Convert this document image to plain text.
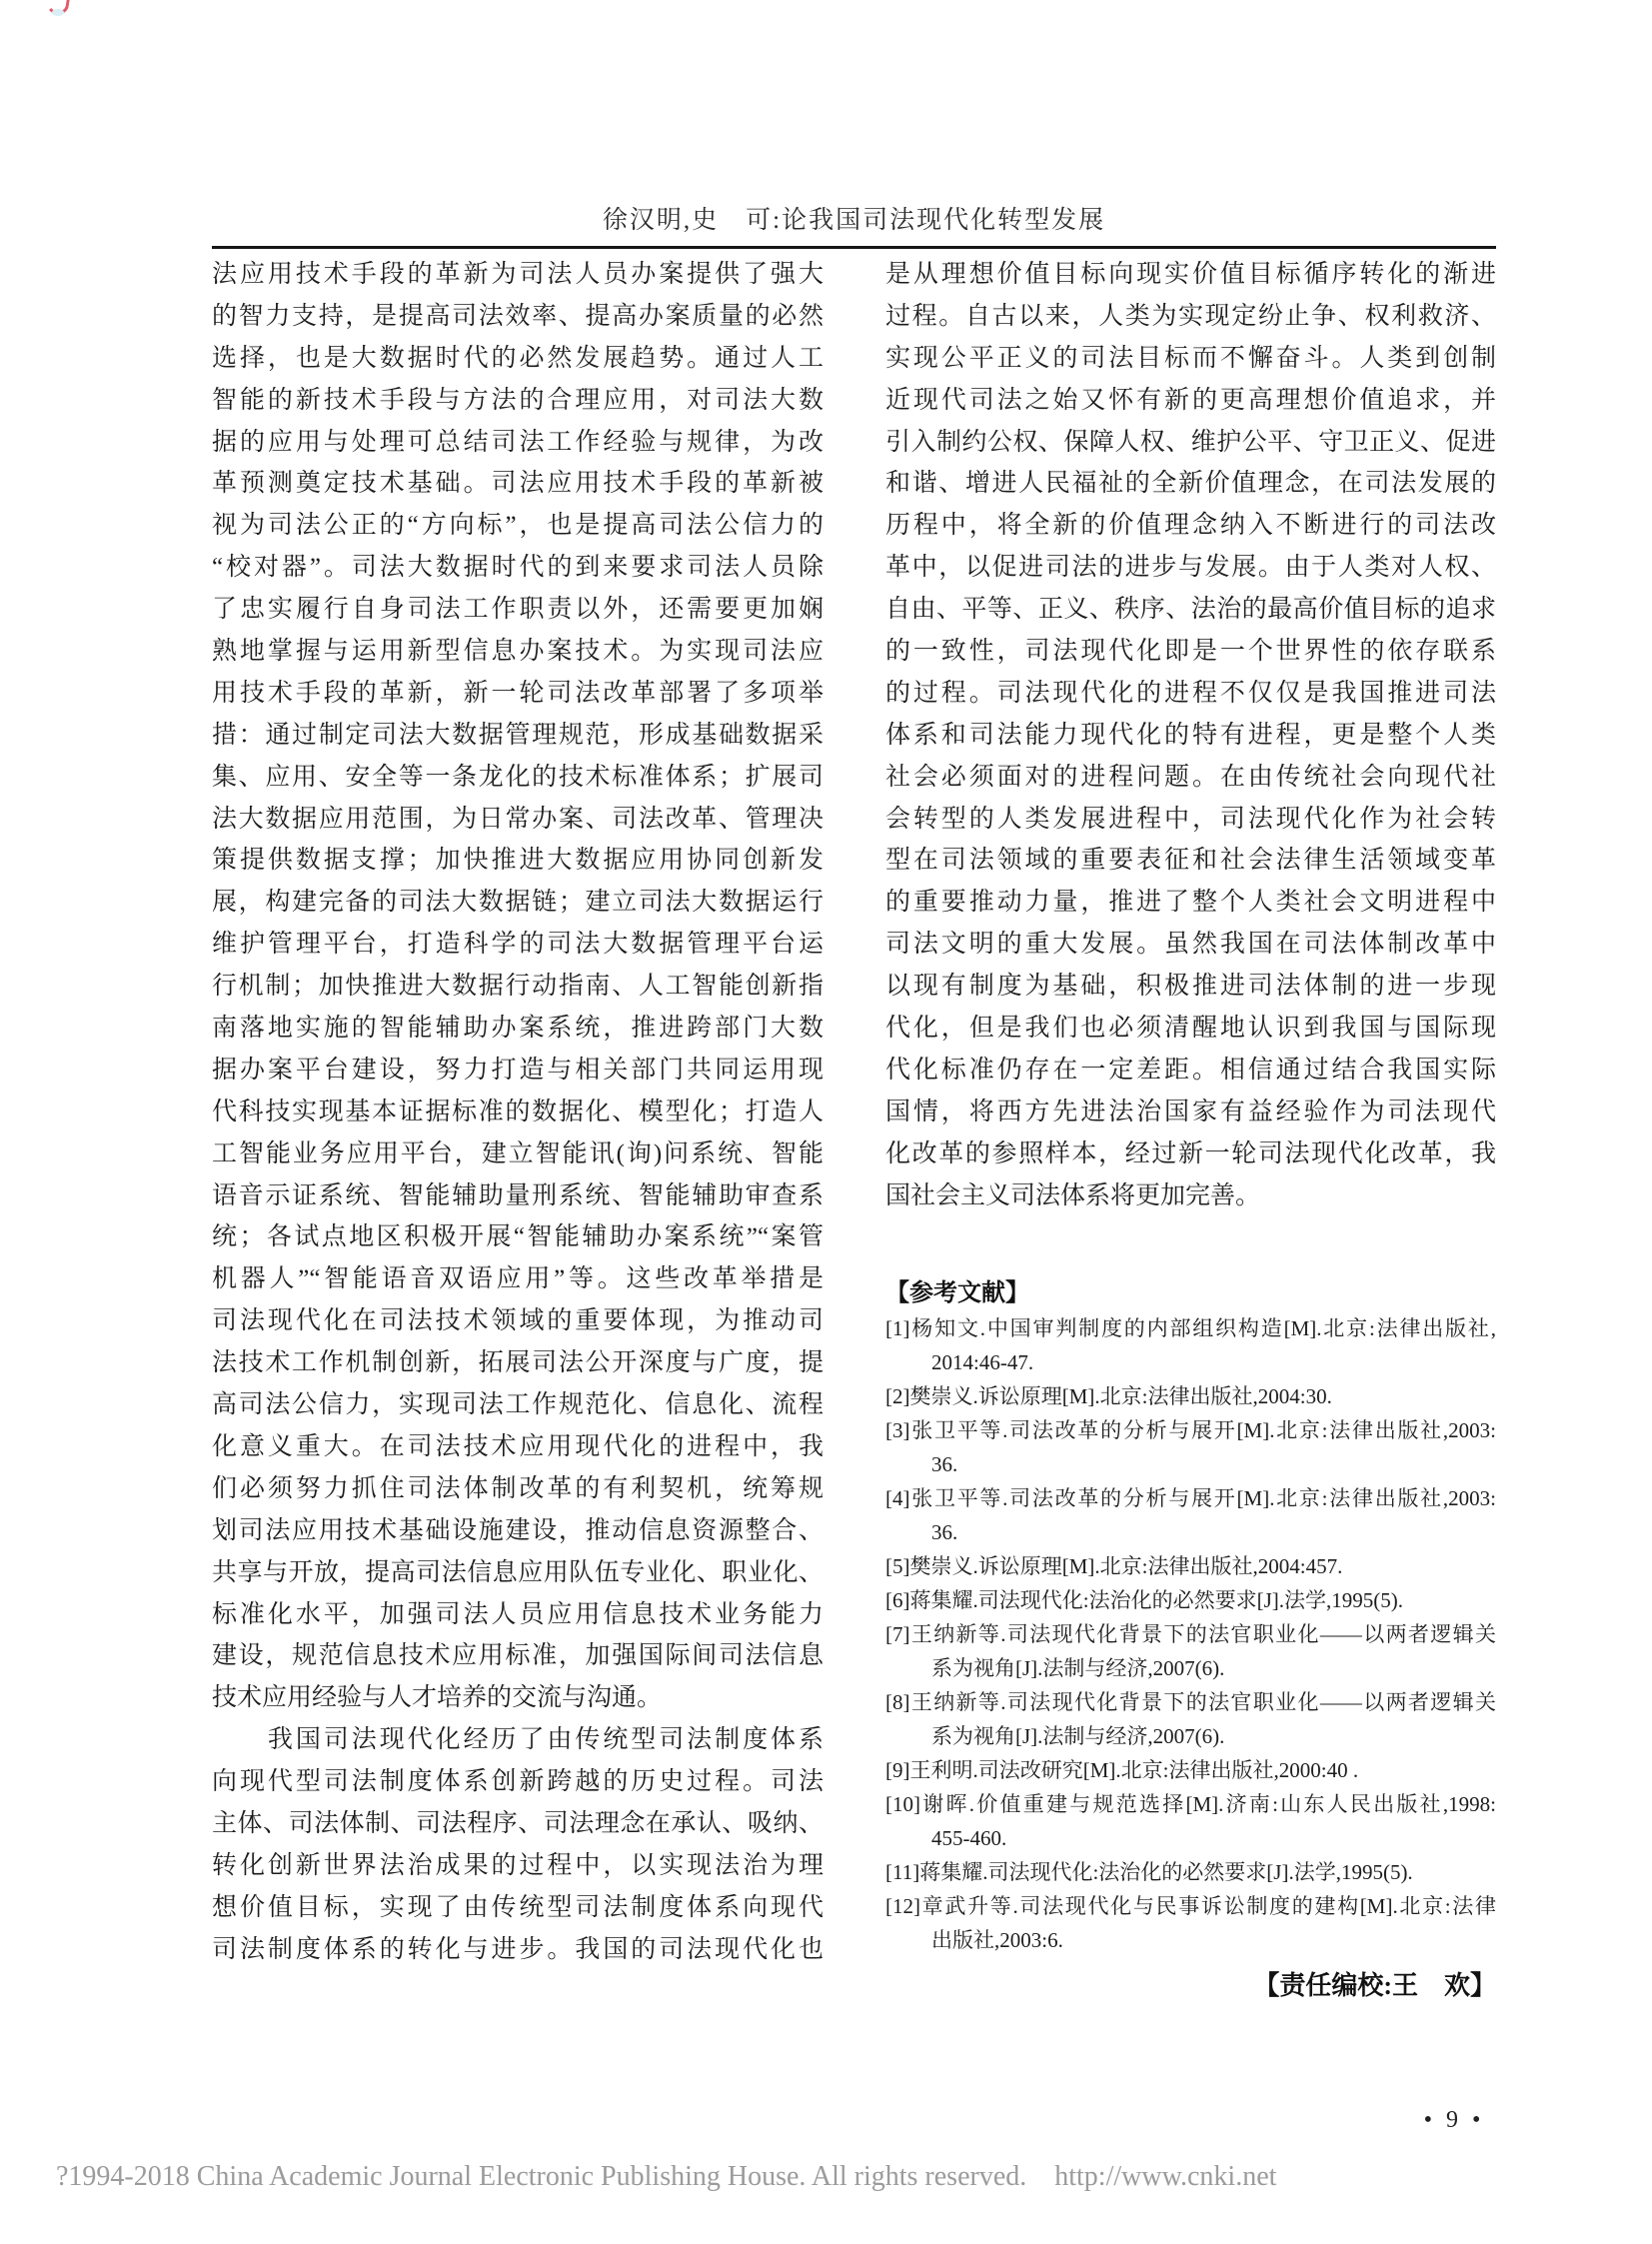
徐汉明,史　可:论我国司法现代化转型发展
法应用技术手段的革新为司法人员办案提供了强大
的智力支持，是提高司法效率、提高办案质量的必然
选择，也是大数据时代的必然发展趋势。通过人工
智能的新技术手段与方法的合理应用，对司法大数
据的应用与处理可总结司法工作经验与规律，为改
革预测奠定技术基础。司法应用技术手段的革新被
视为司法公正的“方向标”，也是提高司法公信力的
“校对器”。司法大数据时代的到来要求司法人员除
了忠实履行自身司法工作职责以外，还需要更加娴
熟地掌握与运用新型信息办案技术。为实现司法应
用技术手段的革新，新一轮司法改革部署了多项举
措：通过制定司法大数据管理规范，形成基础数据采
集、应用、安全等一条龙化的技术标准体系；扩展司
法大数据应用范围，为日常办案、司法改革、管理决
策提供数据支撑；加快推进大数据应用协同创新发
展，构建完备的司法大数据链；建立司法大数据运行
维护管理平台，打造科学的司法大数据管理平台运
行机制；加快推进大数据行动指南、人工智能创新指
南落地实施的智能辅助办案系统，推进跨部门大数
据办案平台建设，努力打造与相关部门共同运用现
代科技实现基本证据标准的数据化、模型化；打造人
工智能业务应用平台，建立智能讯(询)问系统、智能
语音示证系统、智能辅助量刑系统、智能辅助审查系
统；各试点地区积极开展“智能辅助办案系统”“案管
机器人”“智能语音双语应用”等。这些改革举措是
司法现代化在司法技术领域的重要体现，为推动司
法技术工作机制创新，拓展司法公开深度与广度，提
高司法公信力，实现司法工作规范化、信息化、流程
化意义重大。在司法技术应用现代化的进程中，我
们必须努力抓住司法体制改革的有利契机，统筹规
划司法应用技术基础设施建设，推动信息资源整合、
共享与开放，提高司法信息应用队伍专业化、职业化、
标准化水平，加强司法人员应用信息技术业务能力
建设，规范信息技术应用标准，加强国际间司法信息
技术应用经验与人才培养的交流与沟通。
　　我国司法现代化经历了由传统型司法制度体系
向现代型司法制度体系创新跨越的历史过程。司法
主体、司法体制、司法程序、司法理念在承认、吸纳、
转化创新世界法治成果的过程中，以实现法治为理
想价值目标，实现了由传统型司法制度体系向现代
司法制度体系的转化与进步。我国的司法现代化也
是从理想价值目标向现实价值目标循序转化的渐进
过程。自古以来，人类为实现定纷止争、权利救济、
实现公平正义的司法目标而不懈奋斗。人类到创制
近现代司法之始又怀有新的更高理想价值追求，并
引入制约公权、保障人权、维护公平、守卫正义、促进
和谐、增进人民福祉的全新价值理念，在司法发展的
历程中，将全新的价值理念纳入不断进行的司法改
革中，以促进司法的进步与发展。由于人类对人权、
自由、平等、正义、秩序、法治的最高价值目标的追求
的一致性，司法现代化即是一个世界性的依存联系
的过程。司法现代化的进程不仅仅是我国推进司法
体系和司法能力现代化的特有进程，更是整个人类
社会必须面对的进程问题。在由传统社会向现代社
会转型的人类发展进程中，司法现代化作为社会转
型在司法领域的重要表征和社会法律生活领域变革
的重要推动力量，推进了整个人类社会文明进程中
司法文明的重大发展。虽然我国在司法体制改革中
以现有制度为基础，积极推进司法体制的进一步现
代化，但是我们也必须清醒地认识到我国与国际现
代化标准仍存在一定差距。相信通过结合我国实际
国情，将西方先进法治国家有益经验作为司法现代
化改革的参照样本，经过新一轮司法现代化改革，我
国社会主义司法体系将更加完善。
【参考文献】
[1]杨知文.中国审判制度的内部组织构造[M].北京:法律出版社,
2014:46-47.
[2]樊崇义.诉讼原理[M].北京:法律出版社,2004:30.
[3]张卫平等.司法改革的分析与展开[M].北京:法律出版社,2003:
36.
[4]张卫平等.司法改革的分析与展开[M].北京:法律出版社,2003:
36.
[5]樊崇义.诉讼原理[M].北京:法律出版社,2004:457.
[6]蒋集耀.司法现代化:法治化的必然要求[J].法学,1995(5).
[7]王纳新等.司法现代化背景下的法官职业化——以两者逻辑关
系为视角[J].法制与经济,2007(6).
[8]王纳新等.司法现代化背景下的法官职业化——以两者逻辑关
系为视角[J].法制与经济,2007(6).
[9]王利明.司法改研究[M].北京:法律出版社,2000:40 .
[10]谢晖.价值重建与规范选择[M].济南:山东人民出版社,1998:
455-460.
[11]蒋集耀.司法现代化:法治化的必然要求[J].法学,1995(5).
[12]章武升等.司法现代化与民事诉讼制度的建构[M].北京:法律
出版社,2003:6.
【责任编校:王　欢】
• 9 •
?1994-2018 China Academic Journal Electronic Publishing House. All rights reserved.    http://www.cnki.net
